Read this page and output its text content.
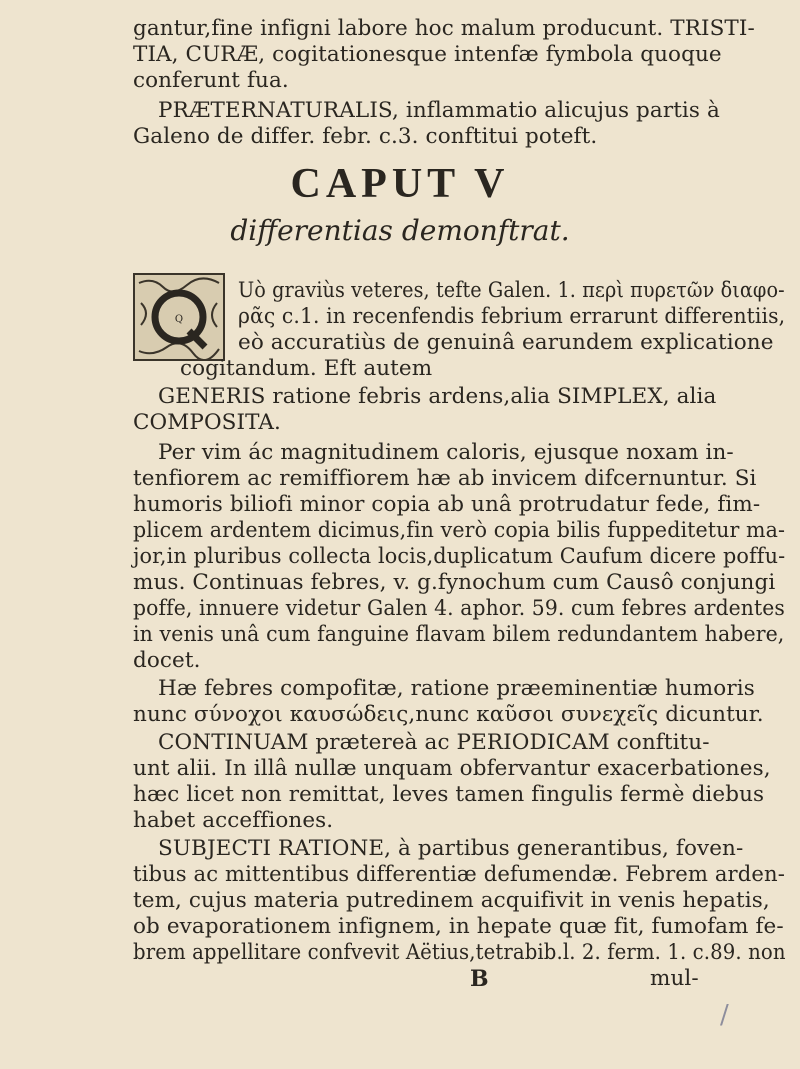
gantur,fine infigni labore hoc malum producunt. TRISTI-
TIA, CURÆ, cogitationesque intenfæ fymbola quoque
conferunt fua.
PRÆTERNATURALIS, inflammatio alicujus partis à
Galeno de differ. febr. c.3. conftitui poteft.
CAPUT V
differentias demonftrat.
Q
Uò graviùs veteres, tefte Galen. 1. περὶ πυρετῶν διαφο-
ρᾶς c.1. in recenfendis febrium errarunt differentiis,
eò accuratiùs de genuinâ earundem explicatione
cogitandum. Eft autem
GENERIS ratione febris ardens,alia SIMPLEX, alia
COMPOSITA.
Per vim ác magnitudinem caloris, ejusque noxam in-
tenfiorem ac remiffiorem hæ ab invicem difcernuntur. Si
humoris biliofi minor copia ab unâ protrudatur fede, fim-
plicem ardentem dicimus,fin verò copia bilis fuppeditetur ma-
jor,in pluribus collecta locis,duplicatum Caufum dicere poffu-
mus. Continuas febres, v. g.fynochum cum Causô conjungi
poffe, innuere videtur Galen 4. aphor. 59. cum febres ardentes
in venis unâ cum fanguine flavam bilem redundantem habere,
docet.
Hæ febres compofitæ, ratione præeminentiæ humoris
nunc σύνοχοι καυσώδεις,nunc καῦσοι συνεχεῖς dicuntur.
CONTINUAM prætereà ac PERIODICAM conftitu-
unt alii. In illâ nullæ unquam obfervantur exacerbationes,
hæc licet non remittat, leves tamen fingulis fermè diebus
habet acceffiones.
SUBJECTI RATIONE, à partibus generantibus, foven-
tibus ac mittentibus differentiæ defumendæ. Febrem arden-
tem, cujus materia putredinem acquifivit in venis hepatis,
ob evaporationem infignem, in hepate quæ fit, fumofam fe-
brem appellitare confvevit Aëtius,tetrabib.l. 2. ferm. 1. c.89. non
B	mul-
/
